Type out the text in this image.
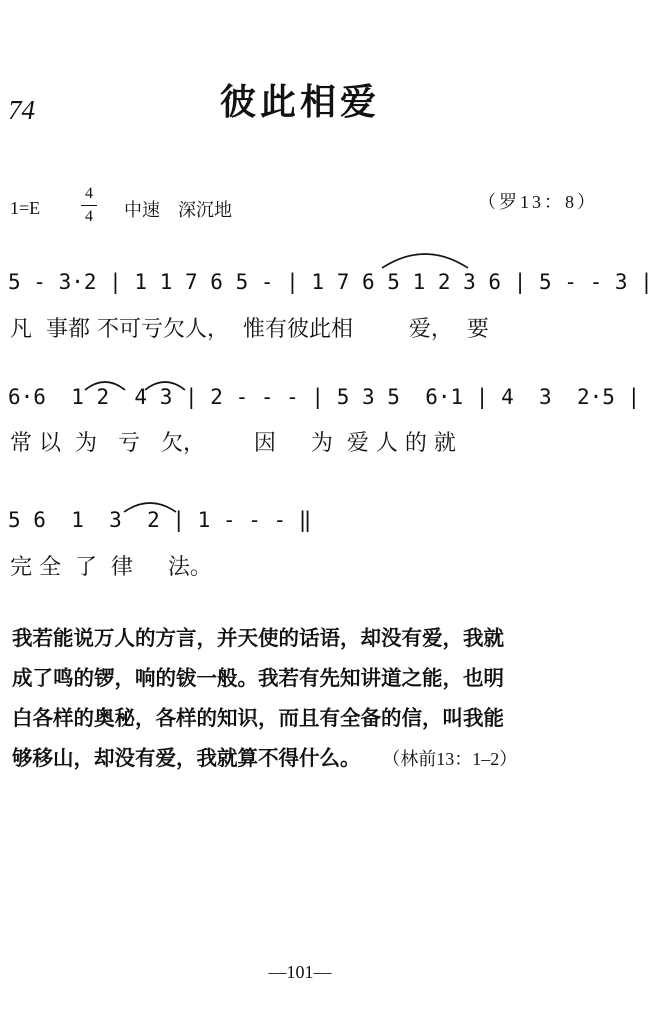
74	彼此相爱
1=E
4
4	中速　深沉地	（罗13：8）
5 - 3·2 | 1 1 7 6 5 - | 1 7 6 5 1 2 3 6 | 5 - - 3 |
凡  事都 不可亏欠人，  惟有彼此相        爱，  要
6·6  1 2  4 3 | 2 - - - | 5 3 5  6·1 | 4  3  2·5 |
常 以  为   亏   欠，       因     为  爱 人 的 就
5 6  1  3  2 | 1 - - - ‖
完 全  了  律     法。
我若能说万人的方言，并天使的话语，却没有爱，我就
成了鸣的锣，响的钹一般。我若有先知讲道之能，也明
白各样的奥秘，各样的知识，而且有全备的信，叫我能
够移山，却没有爱，我就算不得什么。　　 （林前13：1–2）
—101—
